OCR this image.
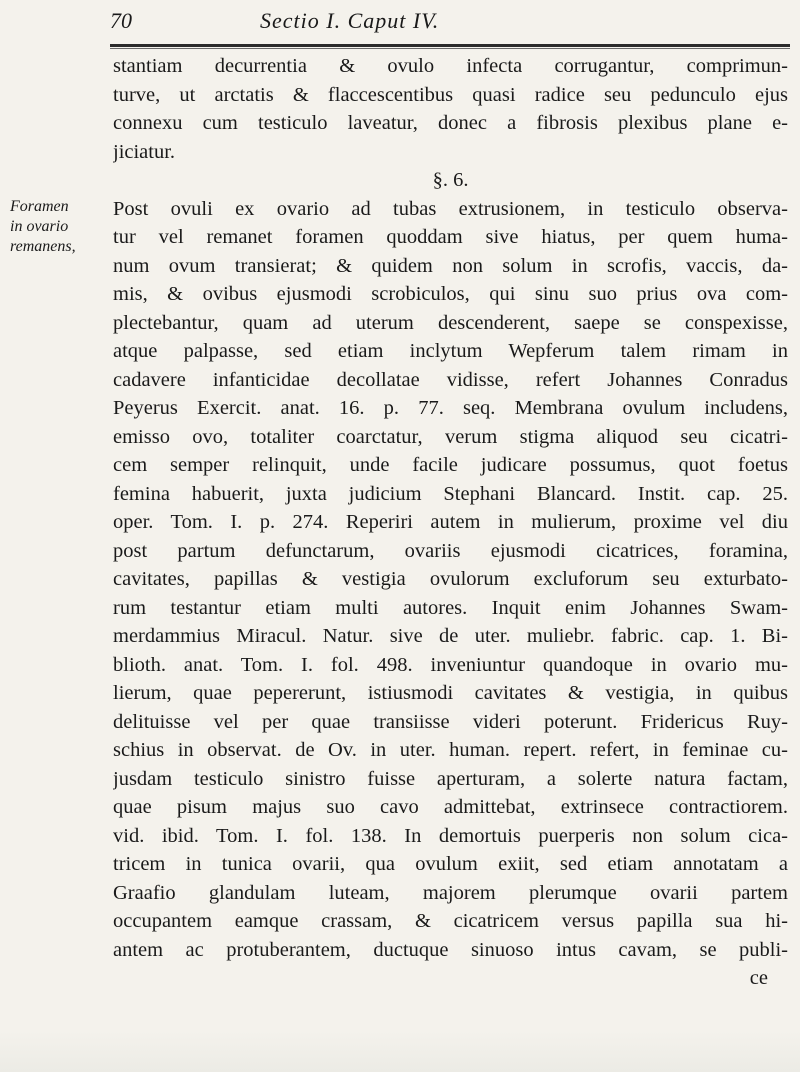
70	Sectio I. Caput IV.
Foramen
in ovario
remanens,
stantiam decurrentia & ovulo infecta corrugantur, comprimun-
turve, ut arctatis & flaccescentibus quasi radice seu pedunculo ejus
connexu cum testiculo laveatur, donec a fibrosis plexibus plane e-
jiciatur.
§. 6.
Post ovuli ex ovario ad tubas extrusionem, in testiculo observa-
tur vel remanet foramen quoddam sive hiatus, per quem huma-
num ovum transierat; & quidem non solum in scrofis, vaccis, da-
mis, & ovibus ejusmodi scrobiculos, qui sinu suo prius ova com-
plectebantur, quam ad uterum descenderent, saepe se conspexisse,
atque palpasse, sed etiam inclytum Wepferum talem rimam in
cadavere infanticidae decollatae vidisse, refert Johannes Conradus
Peyerus Exercit. anat. 16. p. 77. seq. Membrana ovulum includens,
emisso ovo, totaliter coarctatur, verum stigma aliquod seu cicatri-
cem semper relinquit, unde facile judicare possumus, quot foetus
femina habuerit, juxta judicium Stephani Blancard. Instit. cap. 25.
oper. Tom. I. p. 274. Reperiri autem in mulierum, proxime vel diu
post partum defunctarum, ovariis ejusmodi cicatrices, foramina,
cavitates, papillas & vestigia ovulorum excluforum seu exturbato-
rum testantur etiam multi autores. Inquit enim Johannes Swam-
merdammius Miracul. Natur. sive de uter. muliebr. fabric. cap. 1. Bi-
blioth. anat. Tom. I. fol. 498. inveniuntur quandoque in ovario mu-
lierum, quae pepererunt, istiusmodi cavitates & vestigia, in quibus
delituisse vel per quae transiisse videri poterunt. Fridericus Ruy-
schius in observat. de Ov. in uter. human. repert. refert, in feminae cu-
jusdam testiculo sinistro fuisse aperturam, a solerte natura factam,
quae pisum majus suo cavo admittebat, extrinsece contractiorem.
vid. ibid. Tom. I. fol. 138. In demortuis puerperis non solum cica-
tricem in tunica ovarii, qua ovulum exiit, sed etiam annotatam a
Graafio glandulam luteam, majorem plerumque ovarii partem
occupantem eamque crassam, & cicatricem versus papilla sua hi-
antem ac protuberantem, ductuque sinuoso intus cavam, se publi-
ce
